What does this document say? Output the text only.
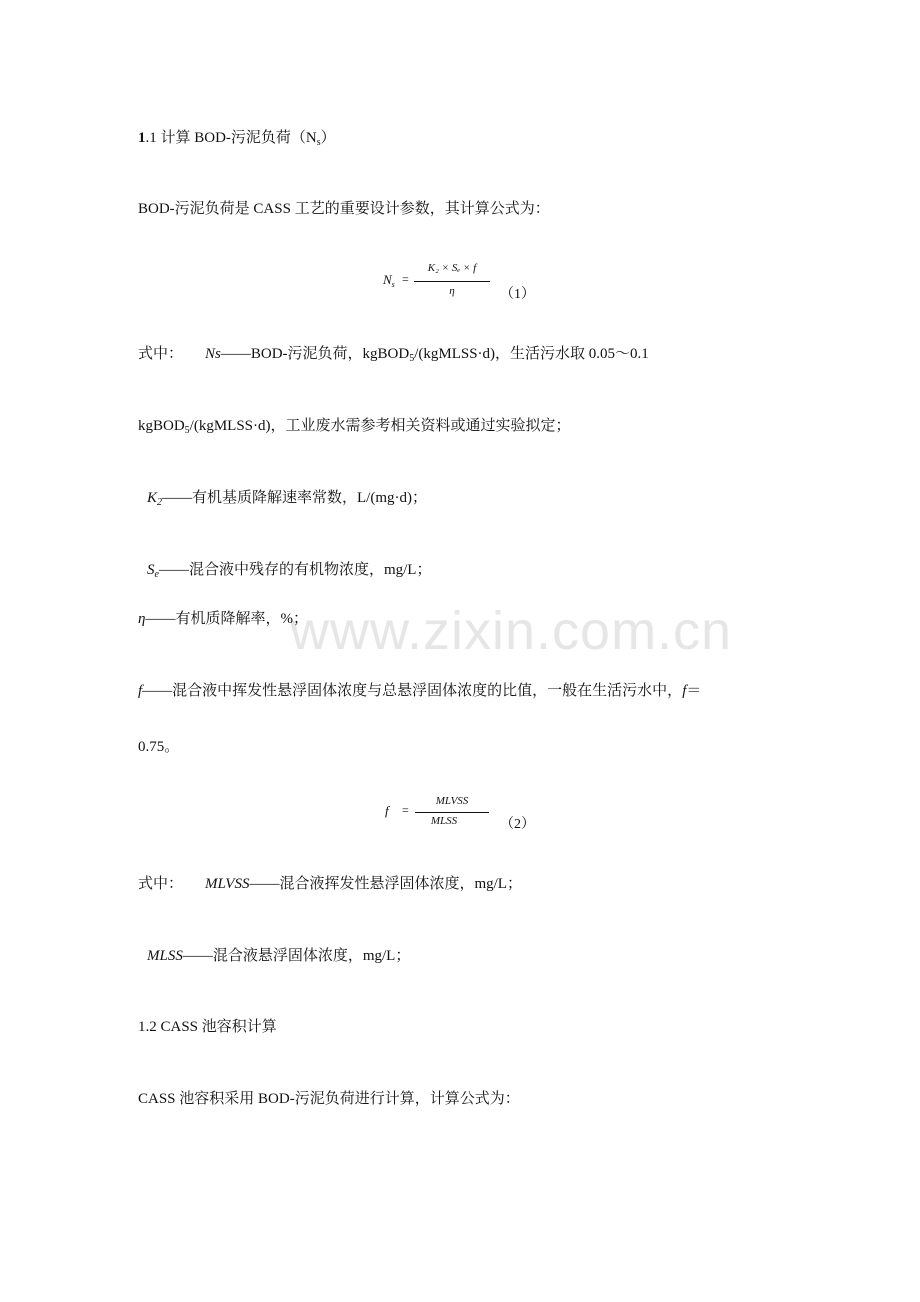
www.zixin.com.cn
1.1 计算 BOD-污泥负荷$(N_s)$
BOD-污泥负荷是 CASS 工艺的重要设计参数，其计算公式为：
$N_s$ =
K₂ × Sₑ × f
η	（1）
式中： Ns——BOD-污泥负荷，kgBOD$_5$/(kgMLSS·d)，生活污水取 0.05～0.1
kgBOD$_5$/(kgMLSS·d)，工业废水需参考相关资料或通过实验拟定；
$K_2——$有机基质降解速率常数，L/(mg·d)；
$S_e——$混合液中残存的有机物浓度，mg/L；
η——有机质降解率，%；
f——混合液中挥发性悬浮固体浓度与总悬浮固体浓度的比值，一般在生活污水中，f＝
0.75。
f =
MLVSS
MLSS	（2）
式中： MLVSS——混合液挥发性悬浮固体浓度，mg/L；
MLSS——混合液悬浮固体浓度，mg/L；
1.2 CASS 池容积计算
CASS 池容积采用 BOD-污泥负荷进行计算，计算公式为：
